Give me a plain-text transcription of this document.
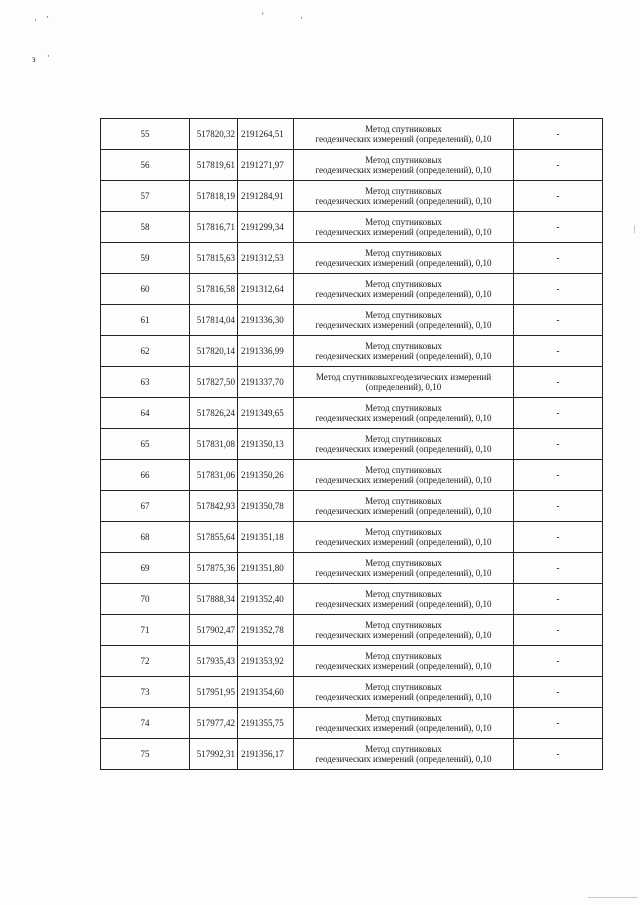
· ·	'	·
з ·
55	517820,32	2191264,51	Метод спутниковых
геодезических измерений (определений), 0,10	-
56	517819,61	2191271,97	Метод спутниковых
геодезических измерений (определений), 0,10	-
57	517818,19	2191284,91	Метод спутниковых
геодезических измерений (определений), 0,10	-
58	517816,71	2191299,34	Метод спутниковых
геодезических измерений (определений), 0,10	-
59	517815,63	2191312,53	Метод спутниковых
геодезических измерений (определений), 0,10	-
60	517816,58	2191312,64	Метод спутниковых
геодезических измерений (определений), 0,10	-
61	517814,04	2191336,30	Метод спутниковых
геодезических измерений (определений), 0,10	-
62	517820,14	2191336,99	Метод спутниковых
геодезических измерений (определений), 0,10	-
63	517827,50	2191337,70	Метод спутниковыхгеодезических измерений
(определений), 0,10	-
64	517826,24	2191349,65	Метод спутниковых
геодезических измерений (определений), 0,10	-
65	517831,08	2191350,13	Метод спутниковых
геодезических измерений (определений), 0,10	-
66	517831,06	2191350,26	Метод спутниковых
геодезических измерений (определений), 0,10	-
67	517842,93	2191350,78	Метод спутниковых
геодезических измерений (определений), 0,10	-
68	517855,64	2191351,18	Метод спутниковых
геодезических измерений (определений), 0,10	-
69	517875,36	2191351,80	Метод спутниковых
геодезических измерений (определений), 0,10	-
70	517888,34	2191352,40	Метод спутниковых
геодезических измерений (определений), 0,10	-
71	517902,47	2191352,78	Метод спутниковых
геодезических измерений (определений), 0,10	-
72	517935,43	2191353,92	Метод спутниковых
геодезических измерений (определений), 0,10	-
73	517951,95	2191354,60	Метод спутниковых
геодезических измерений (определений), 0,10	-
74	517977,42	2191355,75	Метод спутниковых
геодезических измерений (определений), 0,10	-
75	517992,31	2191356,17	Метод спутниковых
геодезических измерений (определений), 0,10	-
